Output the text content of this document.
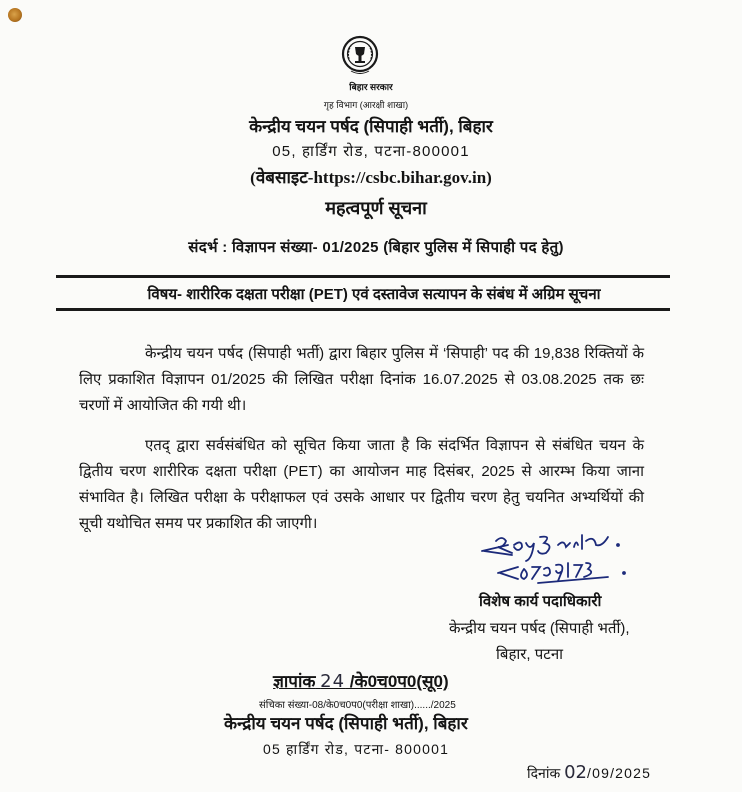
बिहार सरकार
गृह विभाग (आरक्षी शाखा)
केन्द्रीय चयन पर्षद (सिपाही भर्ती), बिहार
05, हार्डिंग रोड, पटना-800001
(वेबसाइट-https://csbc.bihar.gov.in)
महत्वपूर्ण सूचना
संदर्भ : विज्ञापन संख्या- 01/2025 (बिहार पुलिस में सिपाही पद हेतु)
विषय- शारीरिक दक्षता परीक्षा (PET) एवं दस्तावेज सत्यापन के संबंध में अग्रिम सूचना
केन्द्रीय चयन पर्षद (सिपाही भर्ती) द्वारा बिहार पुलिस में ‘सिपाही’ पद की 19,838 रिक्तियों के लिए प्रकाशित विज्ञापन 01/2025 की लिखित परीक्षा दिनांक 16.07.2025 से 03.08.2025 तक छः चरणों में आयोजित की गयी थी।
एतद् द्वारा सर्वसंबंधित को सूचित किया जाता है कि संदर्भित विज्ञापन से संबंधित चयन के द्वितीय चरण शारीरिक दक्षता परीक्षा (PET) का आयोजन माह दिसंबर, 2025 से आरम्भ किया जाना संभावित है। लिखित परीक्षा के परीक्षाफल एवं उसके आधार पर द्वितीय चरण हेतु चयनित अभ्यर्थियों की सूची यथोचित समय पर प्रकाशित की जाएगी।
विशेष कार्य पदाधिकारी
केन्द्रीय चयन पर्षद (सिपाही भर्ती),
बिहार, पटना
ज्ञापांक 24 /के0च0प0(सू0)
संचिका संख्या-08/के0च0प0(परीक्षा शाखा)....../2025
केन्द्रीय चयन पर्षद (सिपाही भर्ती), बिहार
05 हार्डिंग रोड, पटना- 800001
दिनांक 02/09/2025
